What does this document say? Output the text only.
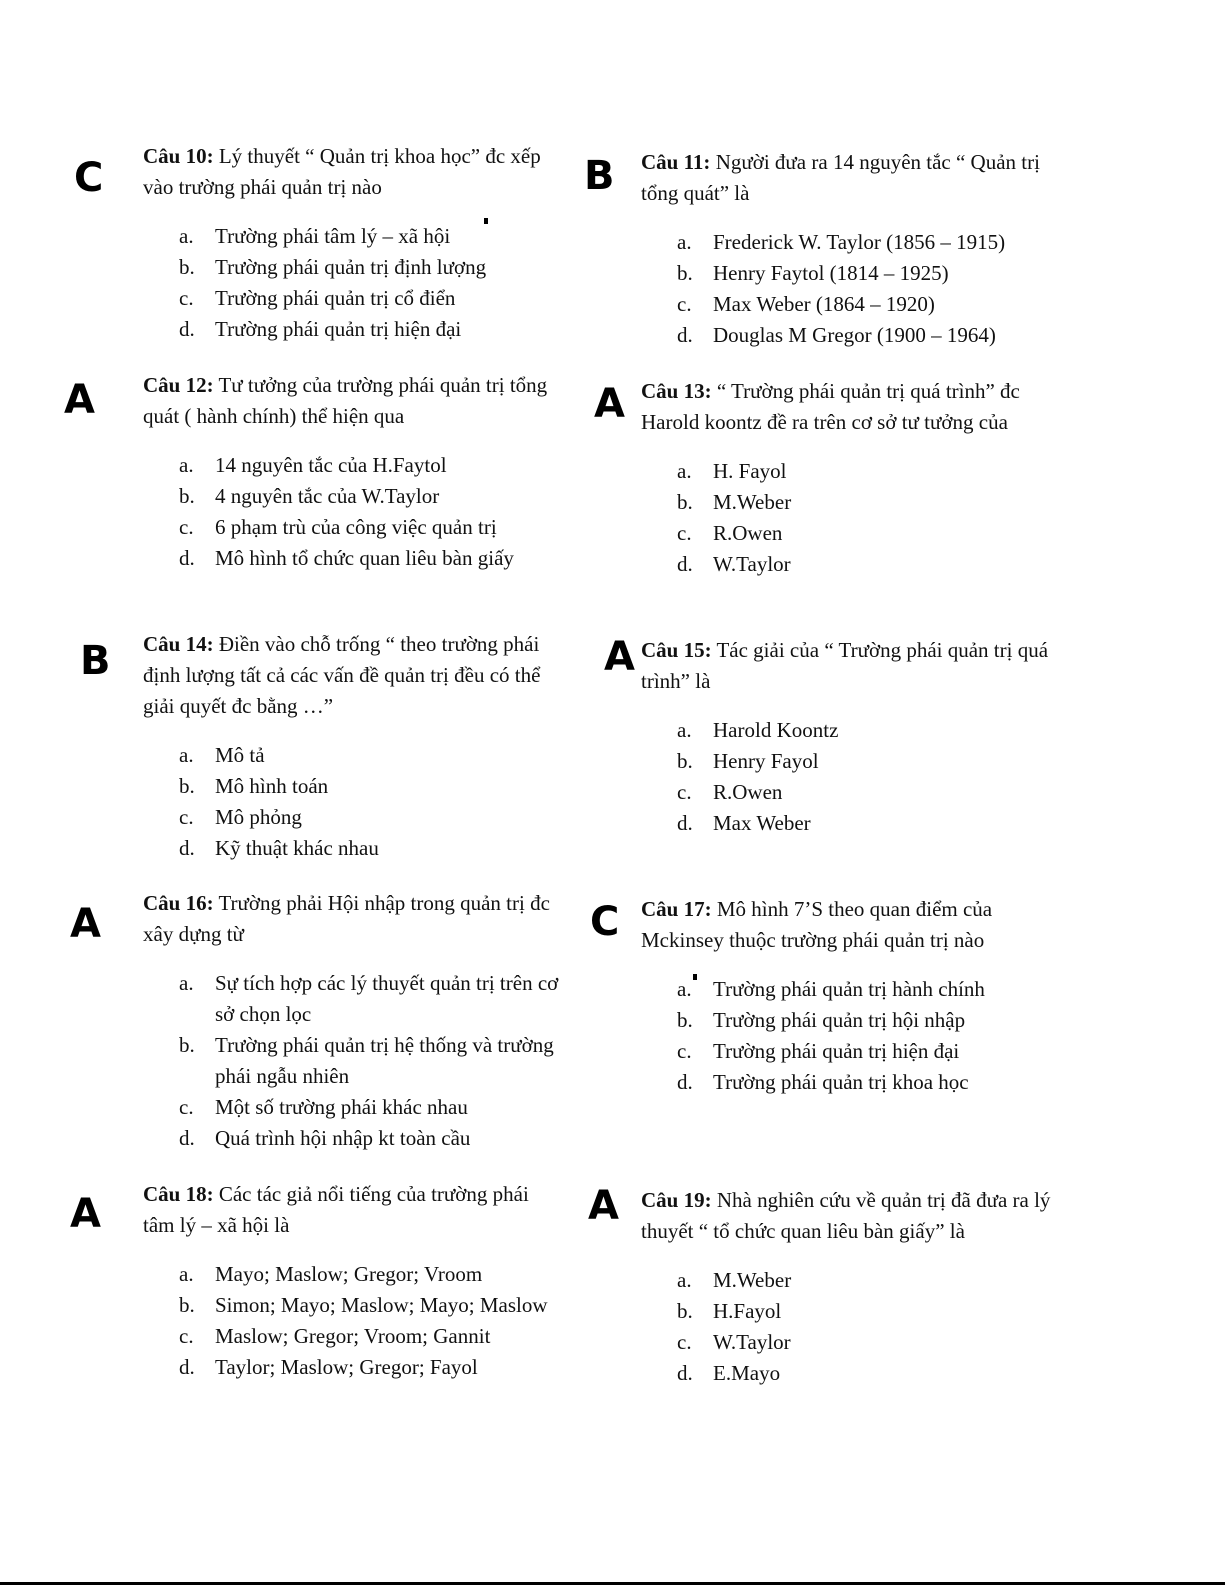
Câu 10: Lý thuyết “ Quản trị khoa học” đc xếp vào trường phái quản trị nào
a.	Trường phái tâm lý – xã hội
b. Trường phái quản trị định lượng
c.	Trường phái quản trị cổ điển
d. Trường phái quản trị hiện đại
Câu 12: Tư tưởng của trường phái quản trị tổng quát ( hành chính) thể hiện qua
a.	14 nguyên tắc của H.Faytol
b. 4 nguyên tắc của W.Taylor
c.	6 phạm trù của công việc quản trị
d. Mô hình tổ chức quan liêu bàn giấy
Câu 14: Điền vào chỗ trống “ theo trường phái định lượng tất cả các vấn đề quản trị đều có thể giải quyết đc bằng …”
a.	Mô tả
b. Mô hình toán
c.	Mô phỏng
d. Kỹ thuật khác nhau
Câu 16: Trường phải Hội nhập trong quản trị đc xây dựng từ
a.	Sự tích hợp các lý thuyết quản trị trên cơ sở chọn lọc
b. Trường phái quản trị hệ thống và trường phái ngẫu nhiên
c.	Một số trường phái khác nhau
d. Quá trình hội nhập kt toàn cầu
Câu 18: Các tác giả nổi tiếng của trường phái tâm lý – xã hội là
a.	Mayo; Maslow; Gregor; Vroom
b. Simon; Mayo; Maslow; Mayo; Maslow
c.	Maslow; Gregor; Vroom; Gannit
d. Taylor; Maslow; Gregor; Fayol
Câu 11: Người đưa ra 14 nguyên tắc “ Quản trị tổng quát” là
a.	Frederick W. Taylor (1856 – 1915)
b. Henry Faytol (1814 – 1925)
c.	Max Weber (1864 – 1920)
d. Douglas M Gregor (1900 – 1964)
Câu 13: “ Trường phái quản trị quá trình” đc Harold koontz đề ra trên cơ sở tư tưởng của
a.	H. Fayol
b. M.Weber
c.	R.Owen
d. W.Taylor
Câu 15: Tác giải của “ Trường phái quản trị quá trình” là
a.	Harold Koontz
b. Henry Fayol
c.	R.Owen
d. Max Weber
Câu 17: Mô hình 7’S theo quan điểm của Mckinsey thuộc trường phái quản trị nào
a.	Trường phái quản trị hành chính
b. Trường phái quản trị hội nhập
c.	Trường phái quản trị hiện đại
d. Trường phái quản trị khoa học
Câu 19: Nhà nghiên cứu về quản trị đã đưa ra lý thuyết “ tổ chức quan liêu bàn giấy” là
a.	M.Weber
b. H.Fayol
c.	W.Taylor
d. E.Mayo
C	B
A	A
B	A
A	C
A	A
